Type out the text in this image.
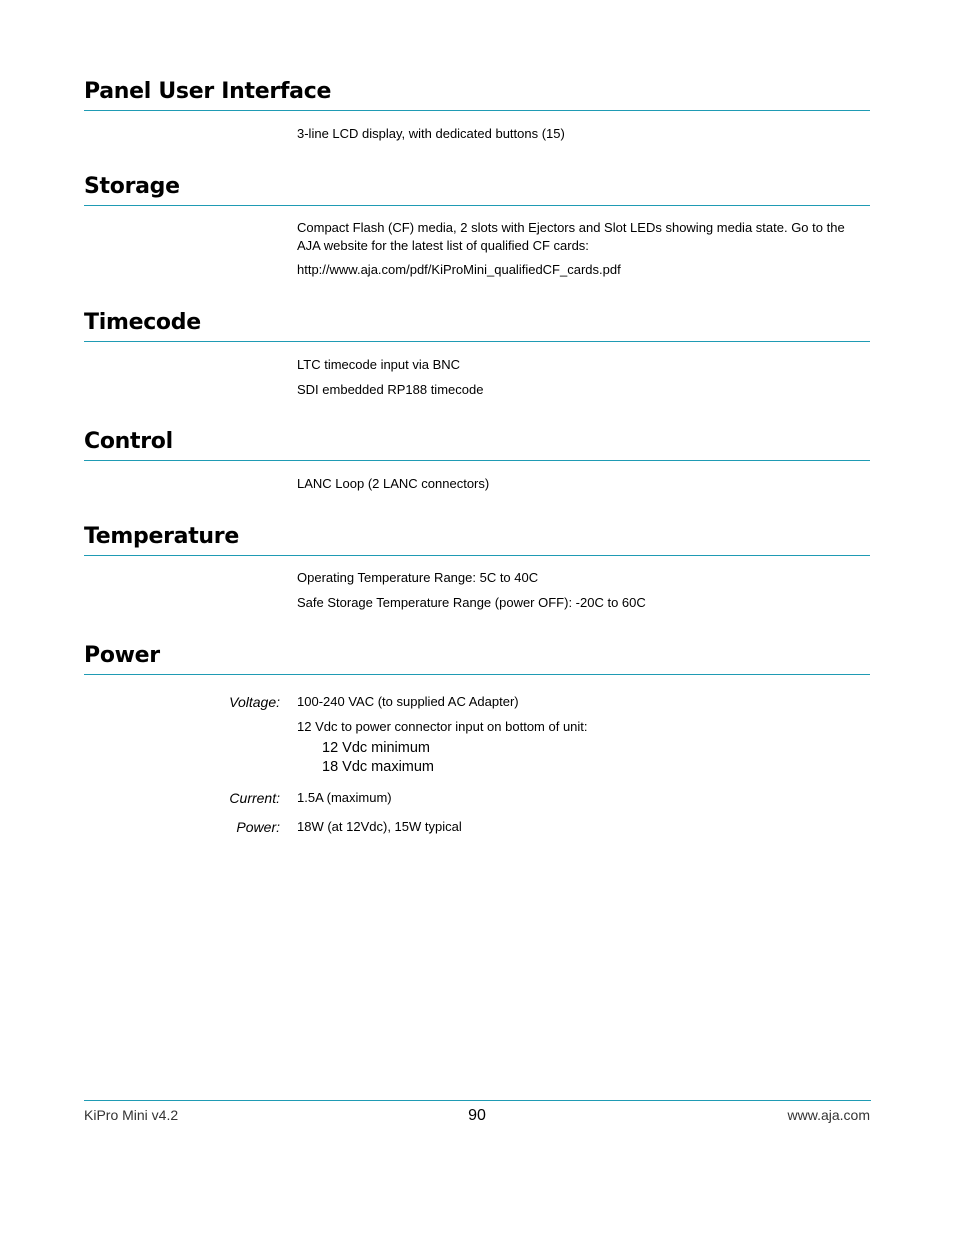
Panel User Interface
3-line LCD display, with dedicated buttons (15)
Storage
Compact Flash (CF) media, 2 slots with Ejectors and Slot LEDs showing media state. Go to the AJA website for the latest list of qualified CF cards:
http://www.aja.com/pdf/KiProMini_qualifiedCF_cards.pdf
Timecode
LTC timecode input via BNC
SDI embedded RP188 timecode
Control
LANC Loop (2 LANC connectors)
Temperature
Operating Temperature Range: 5C to 40C
Safe Storage Temperature Range (power OFF): -20C to 60C
Power
Voltage: 100-240 VAC (to supplied AC Adapter)
12 Vdc to power connector input on bottom of unit:
12 Vdc minimum
18 Vdc maximum
Current: 1.5A (maximum)
Power: 18W (at 12Vdc), 15W typical
KiPro Mini v4.2	90	www.aja.com
